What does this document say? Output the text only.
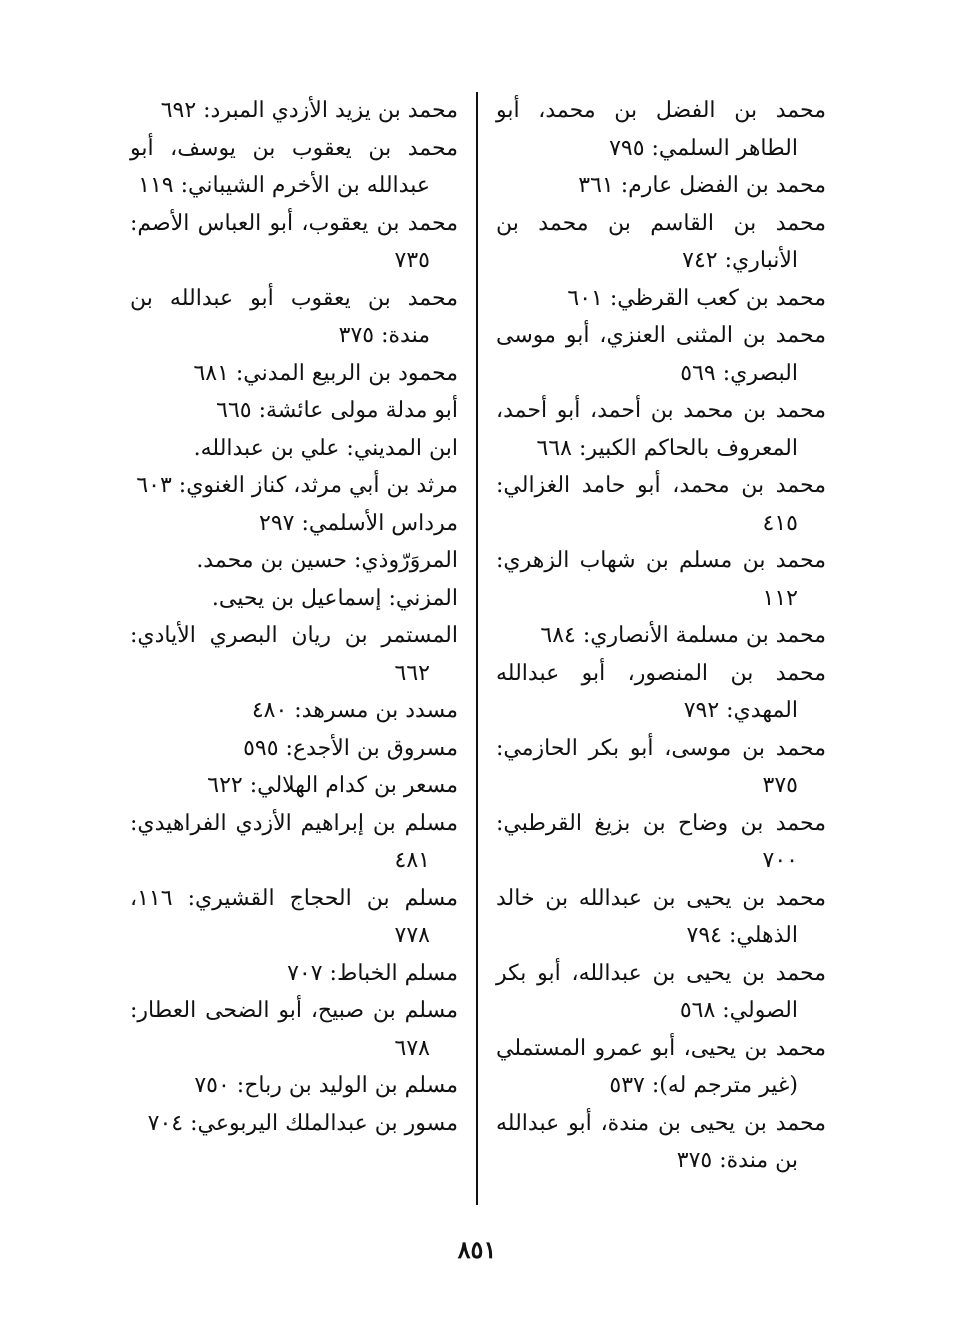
محمد بن الفضل بن محمد، أبو الطاهر السلمي: ٧٩٥

محمد بن الفضل عارم: ٣٦١

محمد بن القاسم بن محمد بن الأنباري: ٧٤٢

محمد بن كعب القرظي: ٦٠١

محمد بن المثنى العنزي، أبو موسى البصري: ٥٦٩

محمد بن محمد بن أحمد، أبو أحمد، المعروف بالحاكم الكبير: ٦٦٨

محمد بن محمد، أبو حامد الغزالي: ٤١٥

محمد بن مسلم بن شهاب الزهري: ١١٢

محمد بن مسلمة الأنصاري: ٦٨٤

محمد بن المنصور، أبو عبدالله المهدي: ٧٩٢

محمد بن موسى، أبو بكر الحازمي: ٣٧٥

محمد بن وضاح بن بزيغ القرطبي: ٧٠٠

محمد بن يحيى بن عبدالله بن خالد الذهلي: ٧٩٤

محمد بن يحيى بن عبدالله، أبو بكر الصولي: ٥٦٨

محمد بن يحيى، أبو عمرو المستملي (غير مترجم له): ٥٣٧

محمد بن يحيى بن مندة، أبو عبدالله بن مندة: ٣٧٥

محمد بن يزيد الأزدي المبرد: ٦٩٢

محمد بن يعقوب بن يوسف، أبو عبدالله بن الأخرم الشيباني: ١١٩

محمد بن يعقوب، أبو العباس الأصم: ٧٣٥

محمد بن يعقوب أبو عبدالله بن مندة: ٣٧٥

محمود بن الربيع المدني: ٦٨١

أبو مدلة مولى عائشة: ٦٦٥

ابن المديني: علي بن عبدالله.

مرثد بن أبي مرثد، كناز الغنوي: ٦٠٣

مرداس الأسلمي: ٢٩٧

المروَرّوذي: حسين بن محمد.

المزني: إسماعيل بن يحيى.

المستمر بن ريان البصري الأيادي: ٦٦٢

مسدد بن مسرهد: ٤٨٠

مسروق بن الأجدع: ٥٩٥

مسعر بن كدام الهلالي: ٦٢٢

مسلم بن إبراهيم الأزدي الفراهيدي: ٤٨١

مسلم بن الحجاج القشيري: ١١٦، ٧٧٨

مسلم الخباط: ٧٠٧

مسلم بن صبيح، أبو الضحى العطار: ٦٧٨

مسلم بن الوليد بن رباح: ٧٥٠

مسور بن عبدالملك اليربوعي: ٧٠٤

٨٥١
